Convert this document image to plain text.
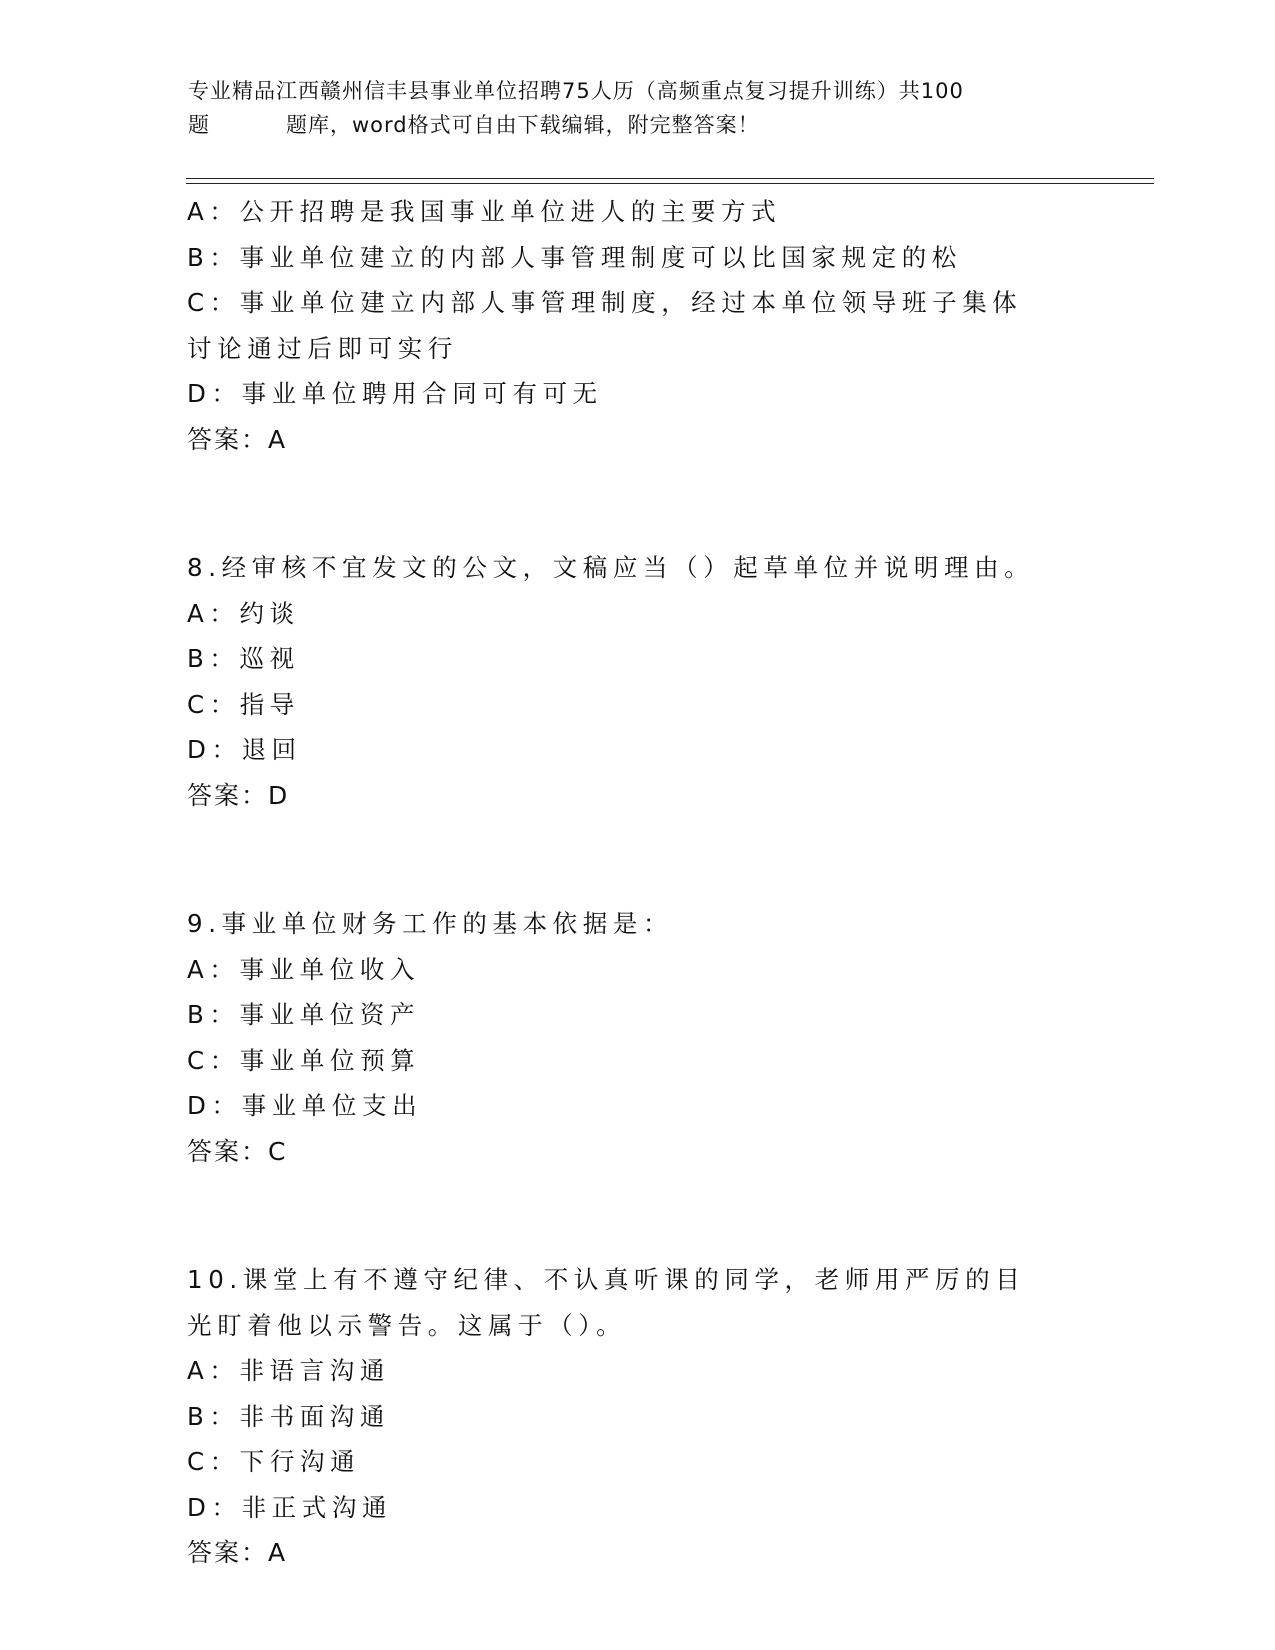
专业精品江西赣州信丰县事业单位招聘75人历（高频重点复习提升训练）共100
题	题库，word格式可自由下载编辑，附完整答案！
A：公开招聘是我国事业单位进人的主要方式
B：事业单位建立的内部人事管理制度可以比国家规定的松
C：事业单位建立内部人事管理制度，经过本单位领导班子集体讨论通过后即可实行
D：事业单位聘用合同可有可无
答案：A
8.经审核不宜发文的公文，文稿应当（）起草单位并说明理由。
A：约谈
B：巡视
C：指导
D：退回
答案：D
9.事业单位财务工作的基本依据是：
A：事业单位收入
B：事业单位资产
C：事业单位预算
D：事业单位支出
答案：C
10.课堂上有不遵守纪律、不认真听课的同学，老师用严厉的目光盯着他以示警告。这属于（）。
A：非语言沟通
B：非书面沟通
C：下行沟通
D：非正式沟通
答案：A
